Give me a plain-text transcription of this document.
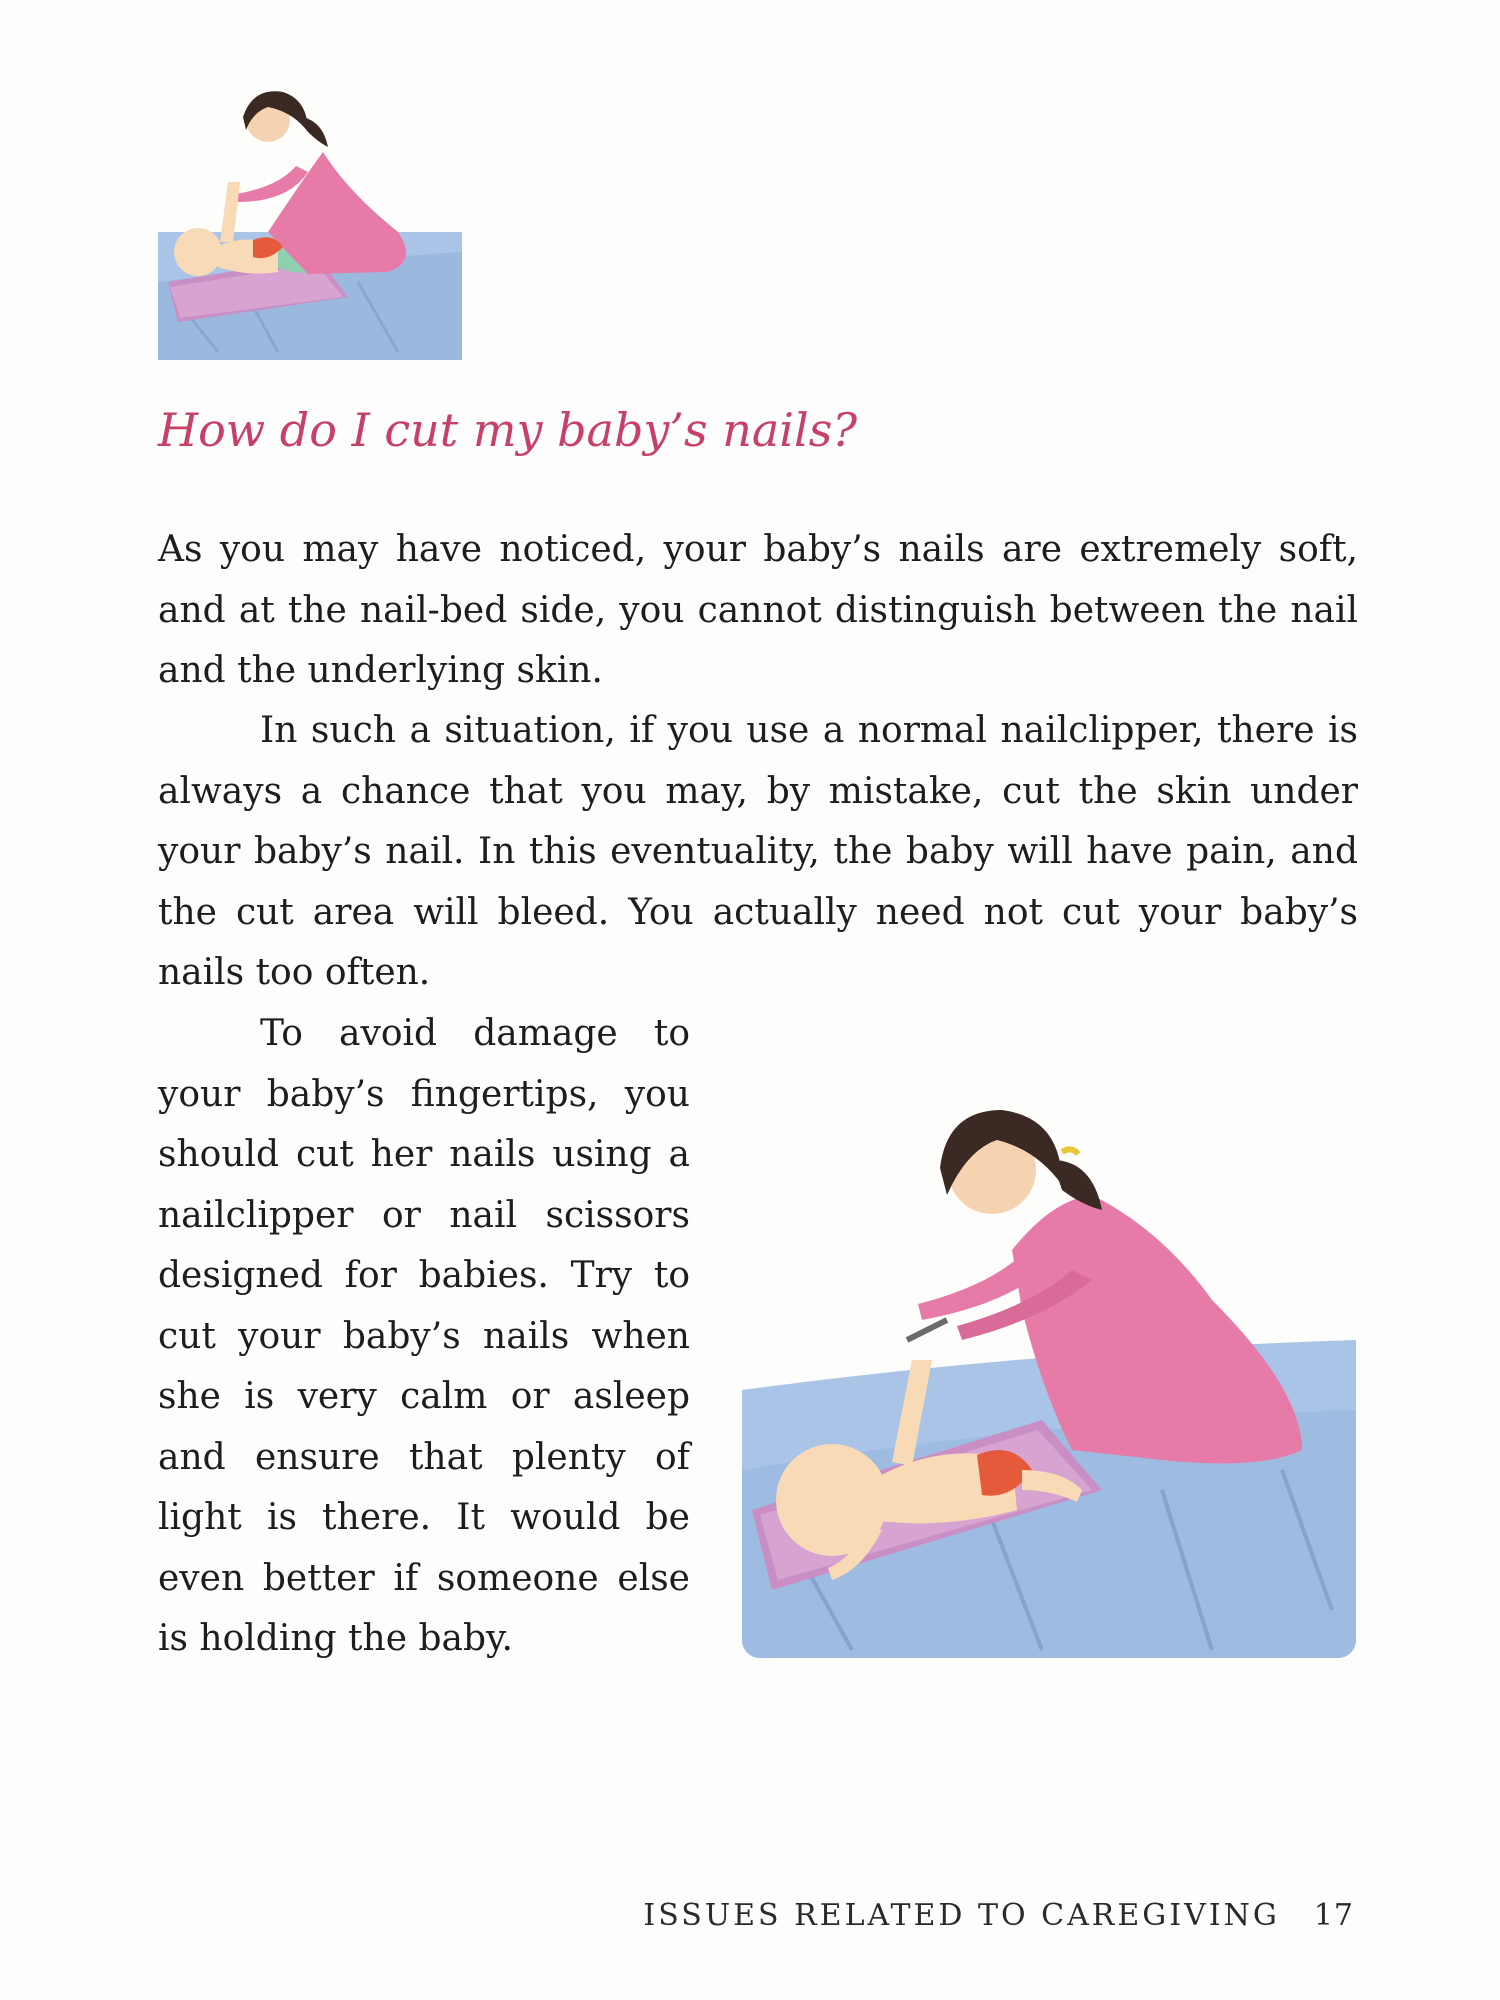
How do I cut my baby’s nails?

As you may have noticed, your baby’s nails are extremely soft, and at the nail-bed side, you cannot distinguish between the nail and the underlying skin.

In such a situation, if you use a normal nailclipper, there is always a chance that you may, by mistake, cut the skin under your baby’s nail. In this eventuality, the baby will have pain, and the cut area will bleed. You actually need not cut your baby’s nails too often.

To avoid damage to your baby’s fingertips, you should cut her nails using a nailclipper or nail scissors designed for babies. Try to cut your baby’s nails when she is very calm or asleep and ensure that plenty of light is there. It would be even better if someone else is holding the baby.

ISSUES RELATED TO CAREGIVING 17
